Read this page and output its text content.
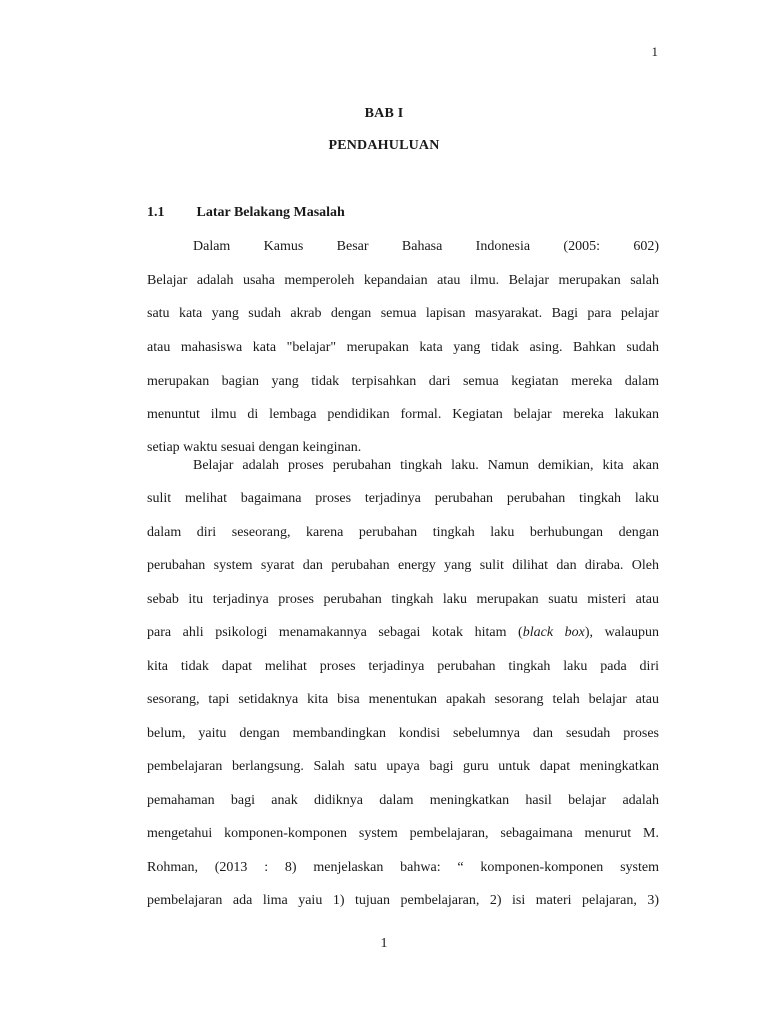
1
BAB I
PENDAHULUAN
1.1 Latar Belakang Masalah
Dalam Kamus Besar Bahasa Indonesia (2005: 602)
Belajar adalah usaha memperoleh kepandaian atau ilmu. Belajar merupakan salah
satu kata yang sudah akrab dengan semua lapisan masyarakat. Bagi para pelajar
atau mahasiswa kata "belajar" merupakan kata yang tidak asing. Bahkan sudah
merupakan bagian yang tidak terpisahkan dari semua kegiatan mereka dalam
menuntut ilmu di lembaga pendidikan formal. Kegiatan belajar mereka lakukan
setiap waktu sesuai dengan keinginan.
Belajar adalah proses perubahan tingkah laku. Namun demikian, kita akan
sulit melihat bagaimana proses terjadinya perubahan perubahan tingkah laku
dalam diri seseorang, karena perubahan tingkah laku berhubungan dengan
perubahan system syarat dan perubahan energy yang sulit dilihat dan diraba. Oleh
sebab itu terjadinya proses perubahan tingkah laku merupakan suatu misteri atau
para ahli psikologi menamakannya sebagai kotak hitam (black box), walaupun
kita tidak dapat melihat proses terjadinya perubahan tingkah laku pada diri
sesorang, tapi setidaknya kita bisa menentukan apakah sesorang telah belajar atau
belum, yaitu dengan membandingkan kondisi sebelumnya dan sesudah proses
pembelajaran berlangsung. Salah satu upaya bagi guru untuk dapat meningkatkan
pemahaman bagi anak didiknya dalam meningkatkan hasil belajar adalah
mengetahui komponen-komponen system pembelajaran, sebagaimana menurut M.
Rohman, (2013 : 8) menjelaskan bahwa: “ komponen-komponen system
pembelajaran ada lima yaiu 1) tujuan pembelajaran, 2) isi materi pelajaran, 3)
1
